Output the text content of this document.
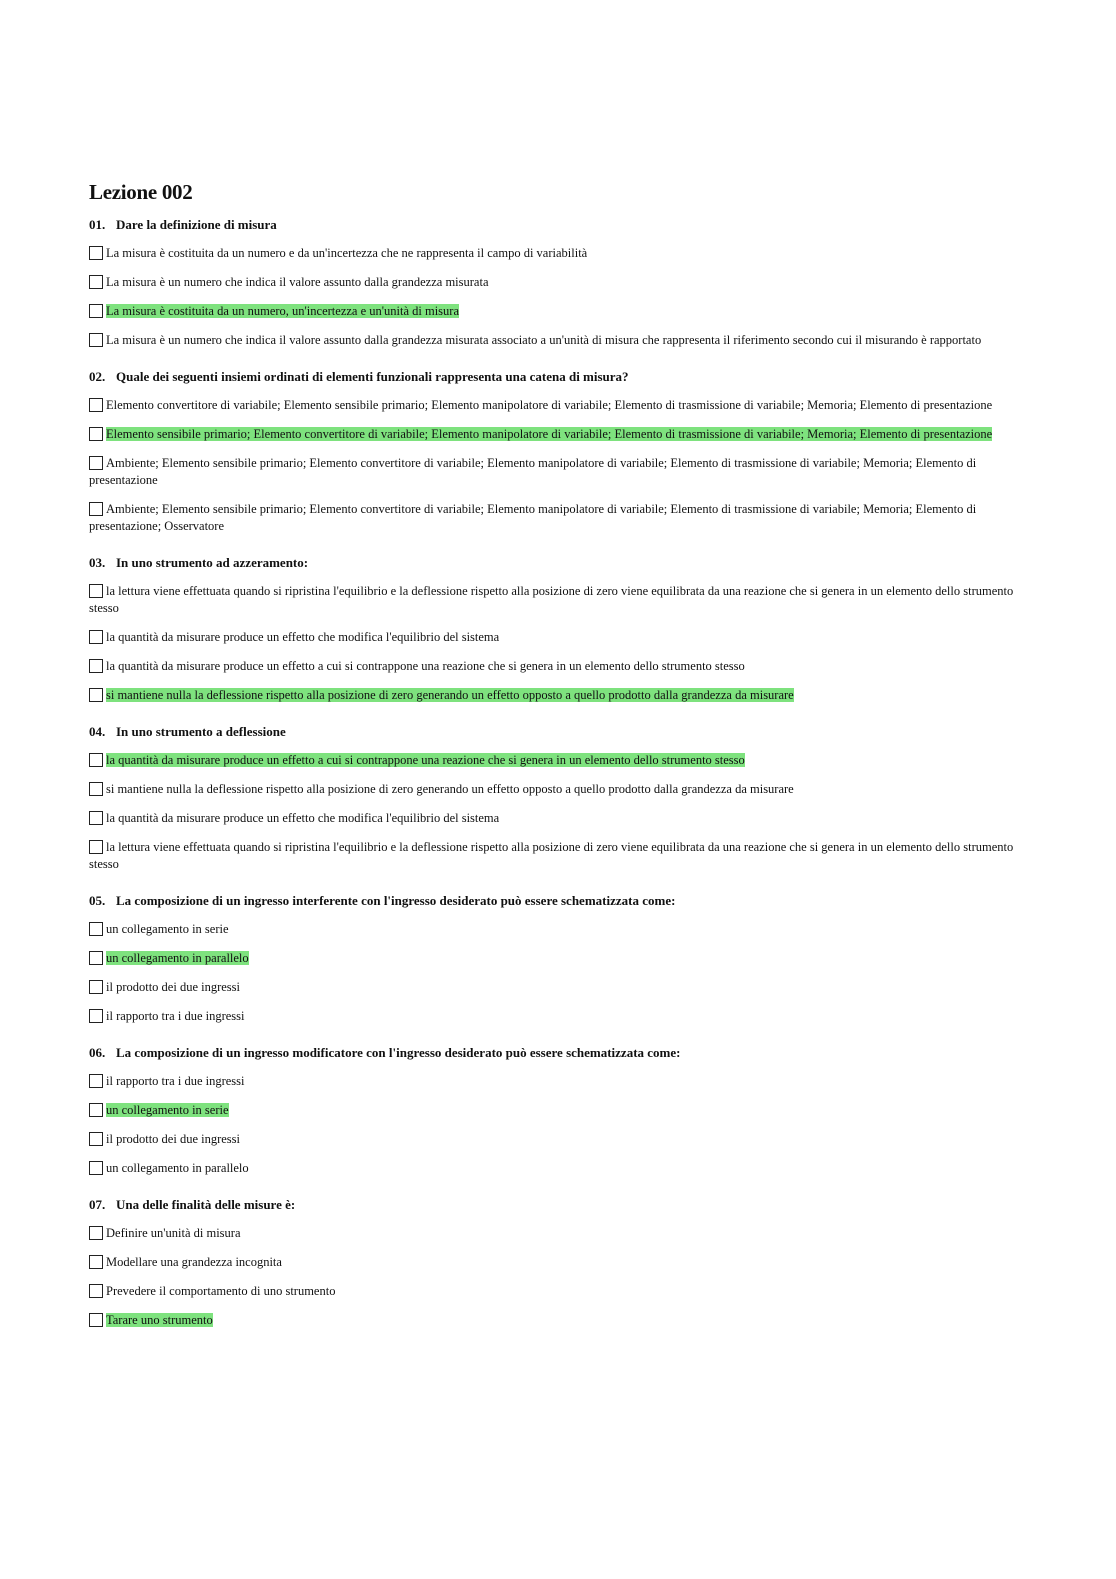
Lezione 002
01. Dare la definizione di misura
La misura è costituita da un numero e da un'incertezza che ne rappresenta il campo di variabilità
La misura è un numero che indica il valore assunto dalla grandezza misurata
La misura è costituita da un numero, un'incertezza e un'unità di misura
La misura è un numero che indica il valore assunto dalla grandezza misurata associato a un'unità di misura che rappresenta il riferimento secondo cui il misurando è rapportato
02. Quale dei seguenti insiemi ordinati di elementi funzionali rappresenta una catena di misura?
Elemento convertitore di variabile; Elemento sensibile primario; Elemento manipolatore di variabile; Elemento di trasmissione di variabile; Memoria; Elemento di presentazione
Elemento sensibile primario; Elemento convertitore di variabile; Elemento manipolatore di variabile; Elemento di trasmissione di variabile; Memoria; Elemento di presentazione
Ambiente; Elemento sensibile primario; Elemento convertitore di variabile; Elemento manipolatore di variabile; Elemento di trasmissione di variabile; Memoria; Elemento di presentazione
Ambiente; Elemento sensibile primario; Elemento convertitore di variabile; Elemento manipolatore di variabile; Elemento di trasmissione di variabile; Memoria; Elemento di presentazione; Osservatore
03. In uno strumento ad azzeramento:
la lettura viene effettuata quando si ripristina l'equilibrio e la deflessione rispetto alla posizione di zero viene equilibrata da una reazione che si genera in un elemento dello strumento stesso
la quantità da misurare produce un effetto che modifica l'equilibrio del sistema
la quantità da misurare produce un effetto a cui si contrappone una reazione che si genera in un elemento dello strumento stesso
si mantiene nulla la deflessione rispetto alla posizione di zero generando un effetto opposto a quello prodotto dalla grandezza da misurare
04. In uno strumento a deflessione
la quantità da misurare produce un effetto a cui si contrappone una reazione che si genera in un elemento dello strumento stesso
si mantiene nulla la deflessione rispetto alla posizione di zero generando un effetto opposto a quello prodotto dalla grandezza da misurare
la quantità da misurare produce un effetto che modifica l'equilibrio del sistema
la lettura viene effettuata quando si ripristina l'equilibrio e la deflessione rispetto alla posizione di zero viene equilibrata da una reazione che si genera in un elemento dello strumento stesso
05. La composizione di un ingresso interferente con l'ingresso desiderato può essere schematizzata come:
un collegamento in serie
un collegamento in parallelo
il prodotto dei due ingressi
il rapporto tra i due ingressi
06. La composizione di un ingresso modificatore con l'ingresso desiderato può essere schematizzata come:
il rapporto tra i due ingressi
un collegamento in serie
il prodotto dei due ingressi
un collegamento in parallelo
07. Una delle finalità delle misure è:
Definire un'unità di misura
Modellare una grandezza incognita
Prevedere il comportamento di uno strumento
Tarare uno strumento
